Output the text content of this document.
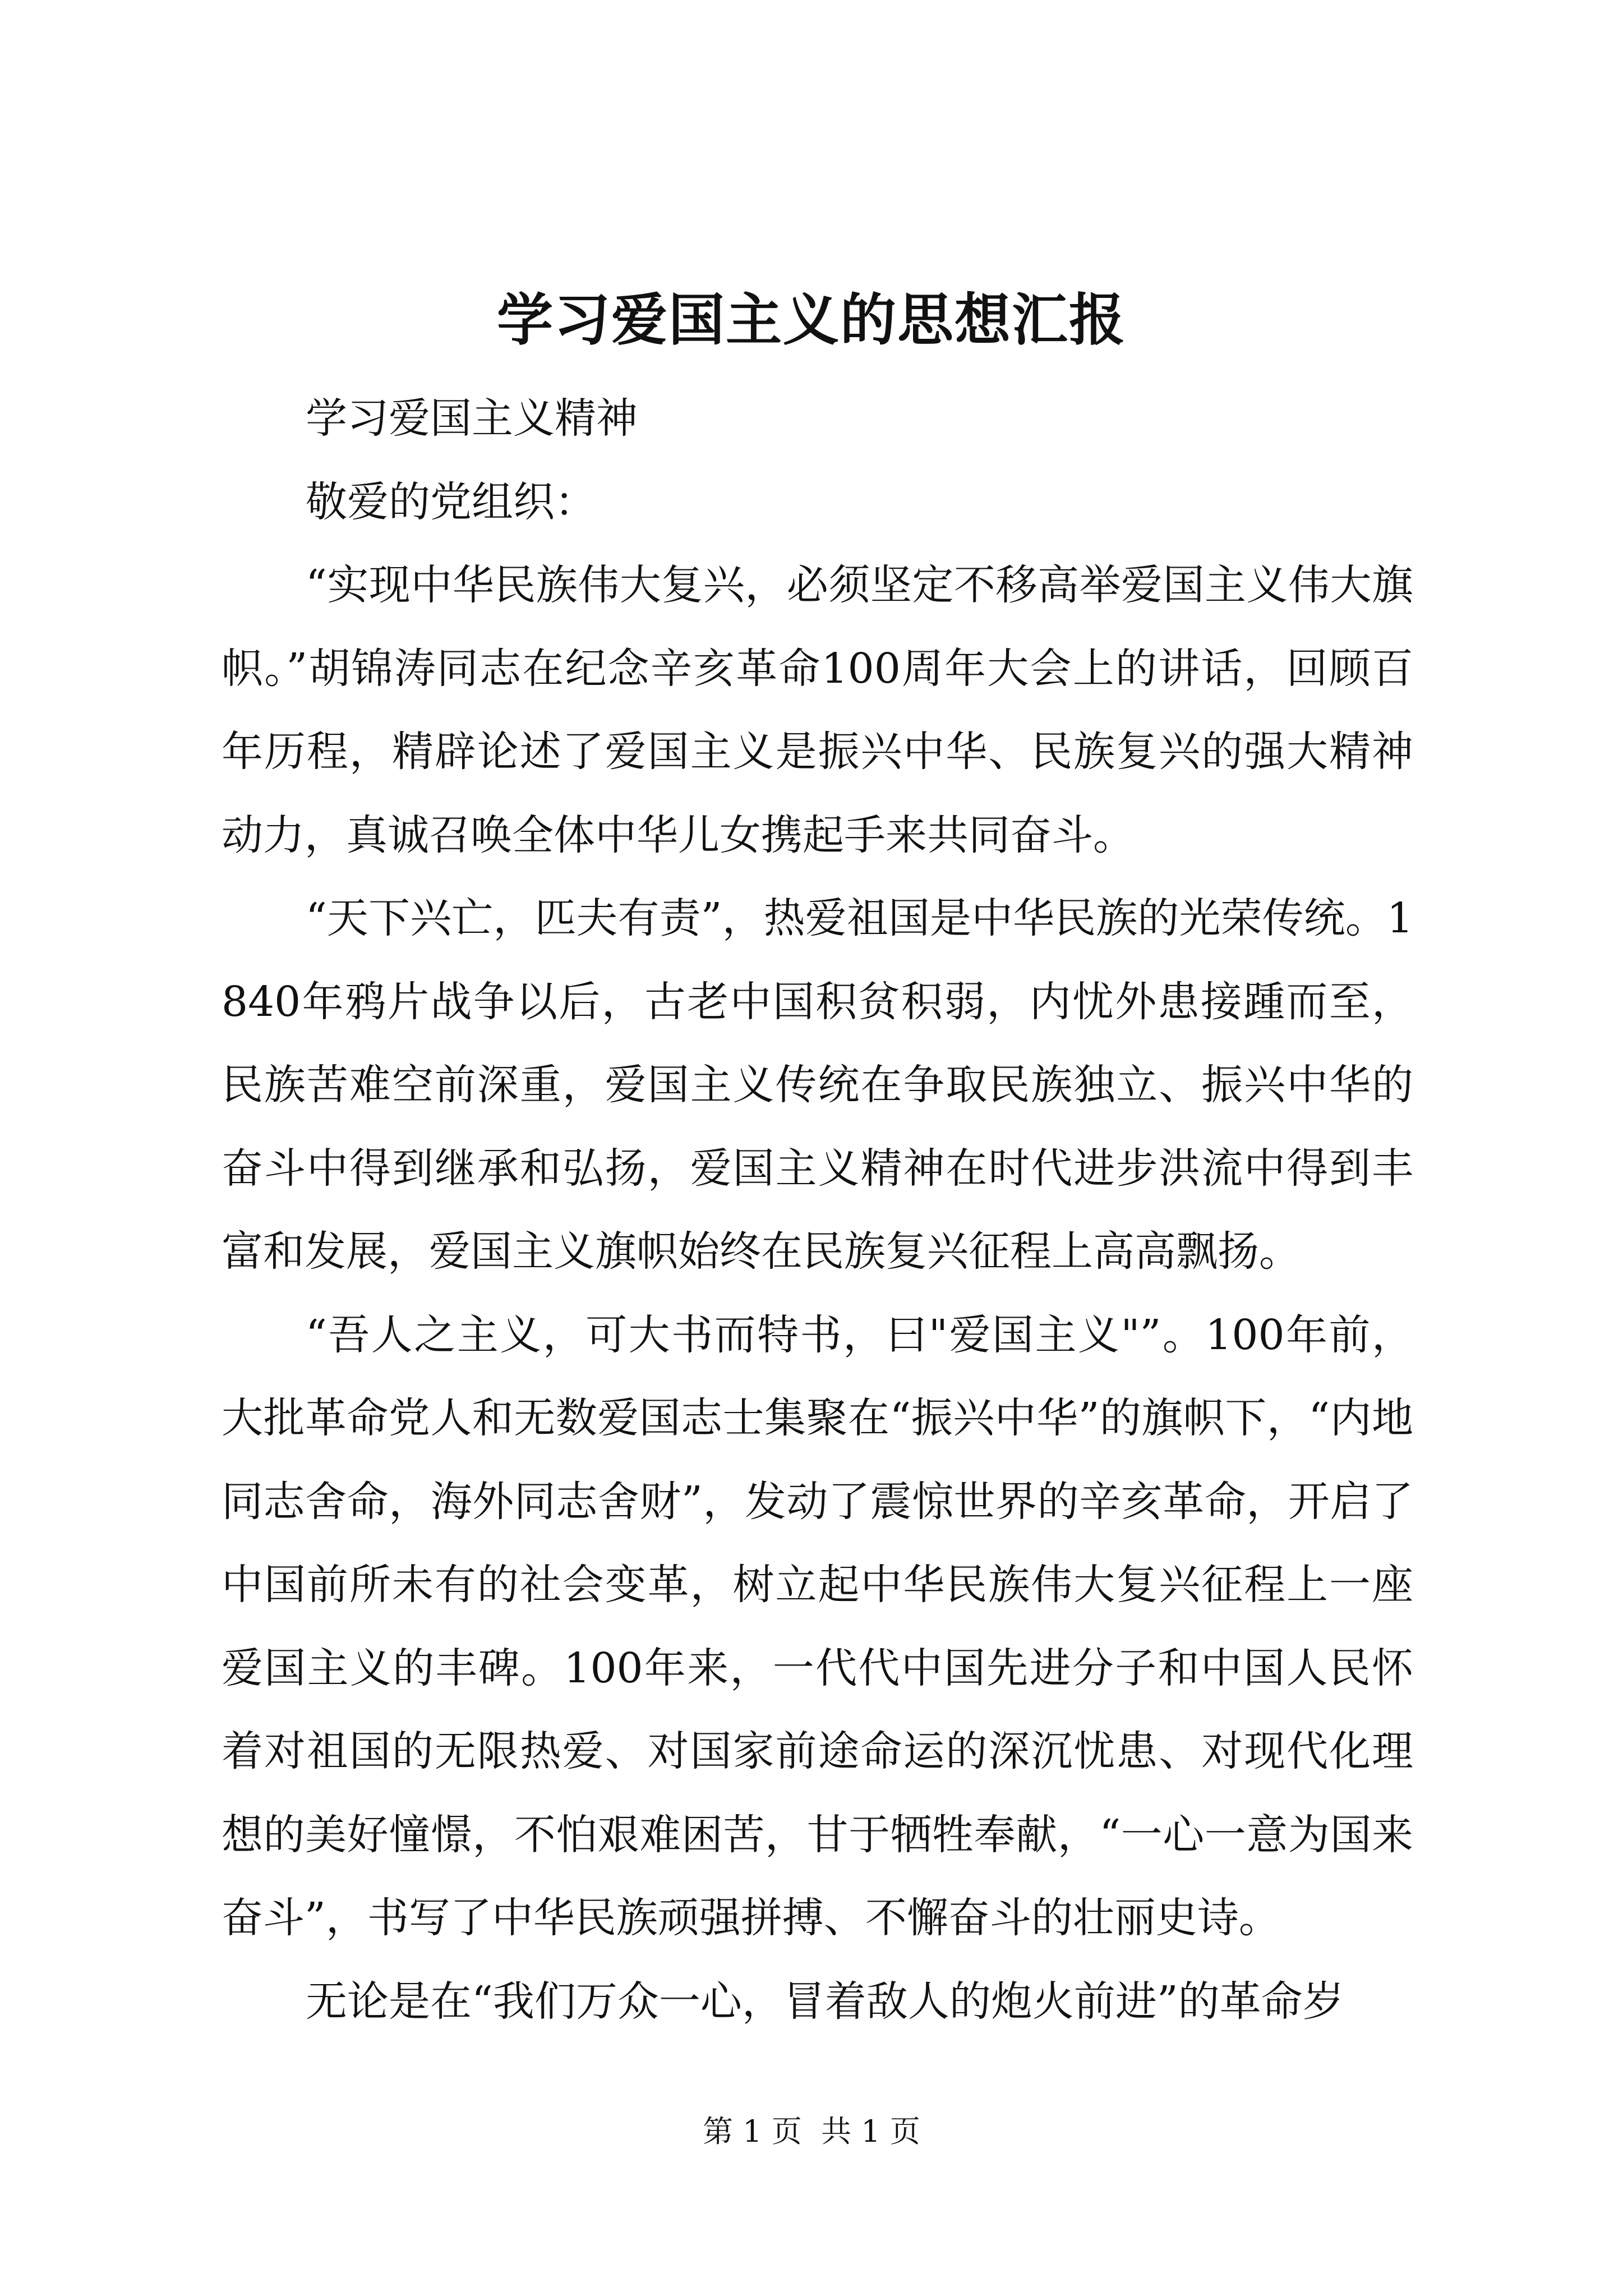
学习爱国主义的思想汇报

学习爱国主义精神

敬爱的党组织：

“实现中华民族伟大复兴，必须坚定不移高举爱国主义伟大旗帜。”胡锦涛同志在纪念辛亥革命100周年大会上的讲话，回顾百年历程，精辟论述了爱国主义是振兴中华、民族复兴的强大精神动力，真诚召唤全体中华儿女携起手来共同奋斗。

“天下兴亡，匹夫有责”，热爱祖国是中华民族的光荣传统。1840年鸦片战争以后，古老中国积贫积弱，内忧外患接踵而至，民族苦难空前深重，爱国主义传统在争取民族独立、振兴中华的奋斗中得到继承和弘扬，爱国主义精神在时代进步洪流中得到丰富和发展，爱国主义旗帜始终在民族复兴征程上高高飘扬。

“吾人之主义，可大书而特书，曰"爱国主义"”。100年前，大批革命党人和无数爱国志士集聚在“振兴中华”的旗帜下，“内地同志舍命，海外同志舍财”，发动了震惊世界的辛亥革命，开启了中国前所未有的社会变革，树立起中华民族伟大复兴征程上一座爱国主义的丰碑。100年来，一代代中国先进分子和中国人民怀着对祖国的无限热爱、对国家前途命运的深沉忧患、对现代化理想的美好憧憬，不怕艰难困苦，甘于牺牲奉献，“一心一意为国来奋斗”，书写了中华民族顽强拼搏、不懈奋斗的壮丽史诗。

无论是在“我们万众一心，冒着敌人的炮火前进”的革命岁

第 1 页  共 1 页
